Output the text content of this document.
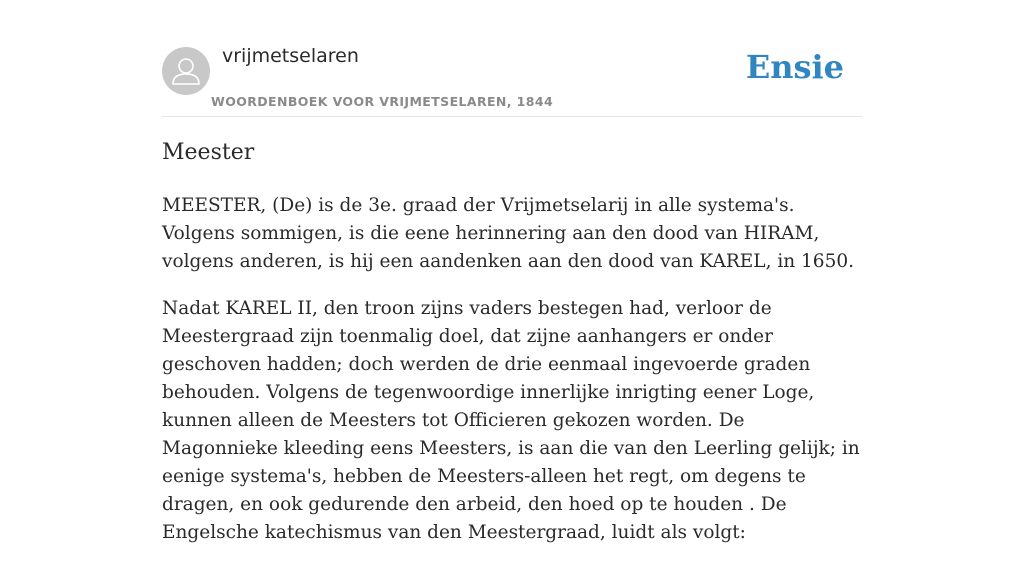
vrijmetselaren
WOORDENBOEK VOOR VRIJMETSELAREN, 1844
Ensie
Meester

MEESTER, (De) is de 3e. graad der Vrijmetselarij in alle systema's. Volgens sommigen, is die eene herinnering aan den dood van HIRAM, volgens anderen, is hij een aandenken aan den dood van KAREL, in 1650.

Nadat KAREL II, den troon zijns vaders bestegen had, verloor de Meestergraad zijn toenmalig doel, dat zijne aanhangers er onder geschoven hadden; doch werden de drie eenmaal ingevoerde graden behouden. Volgens de tegenwoordige innerlijke inrigting eener Loge, kunnen alleen de Meesters tot Officieren gekozen worden. De Magonnieke kleeding eens Meesters, is aan die van den Leerling gelijk; in eenige systema's, hebben de Meesters-alleen het regt, om degens te dragen, en ook gedurende den arbeid, den hoed op te houden . De Engelsche katechismus van den Meestergraad, luidt als volgt:
